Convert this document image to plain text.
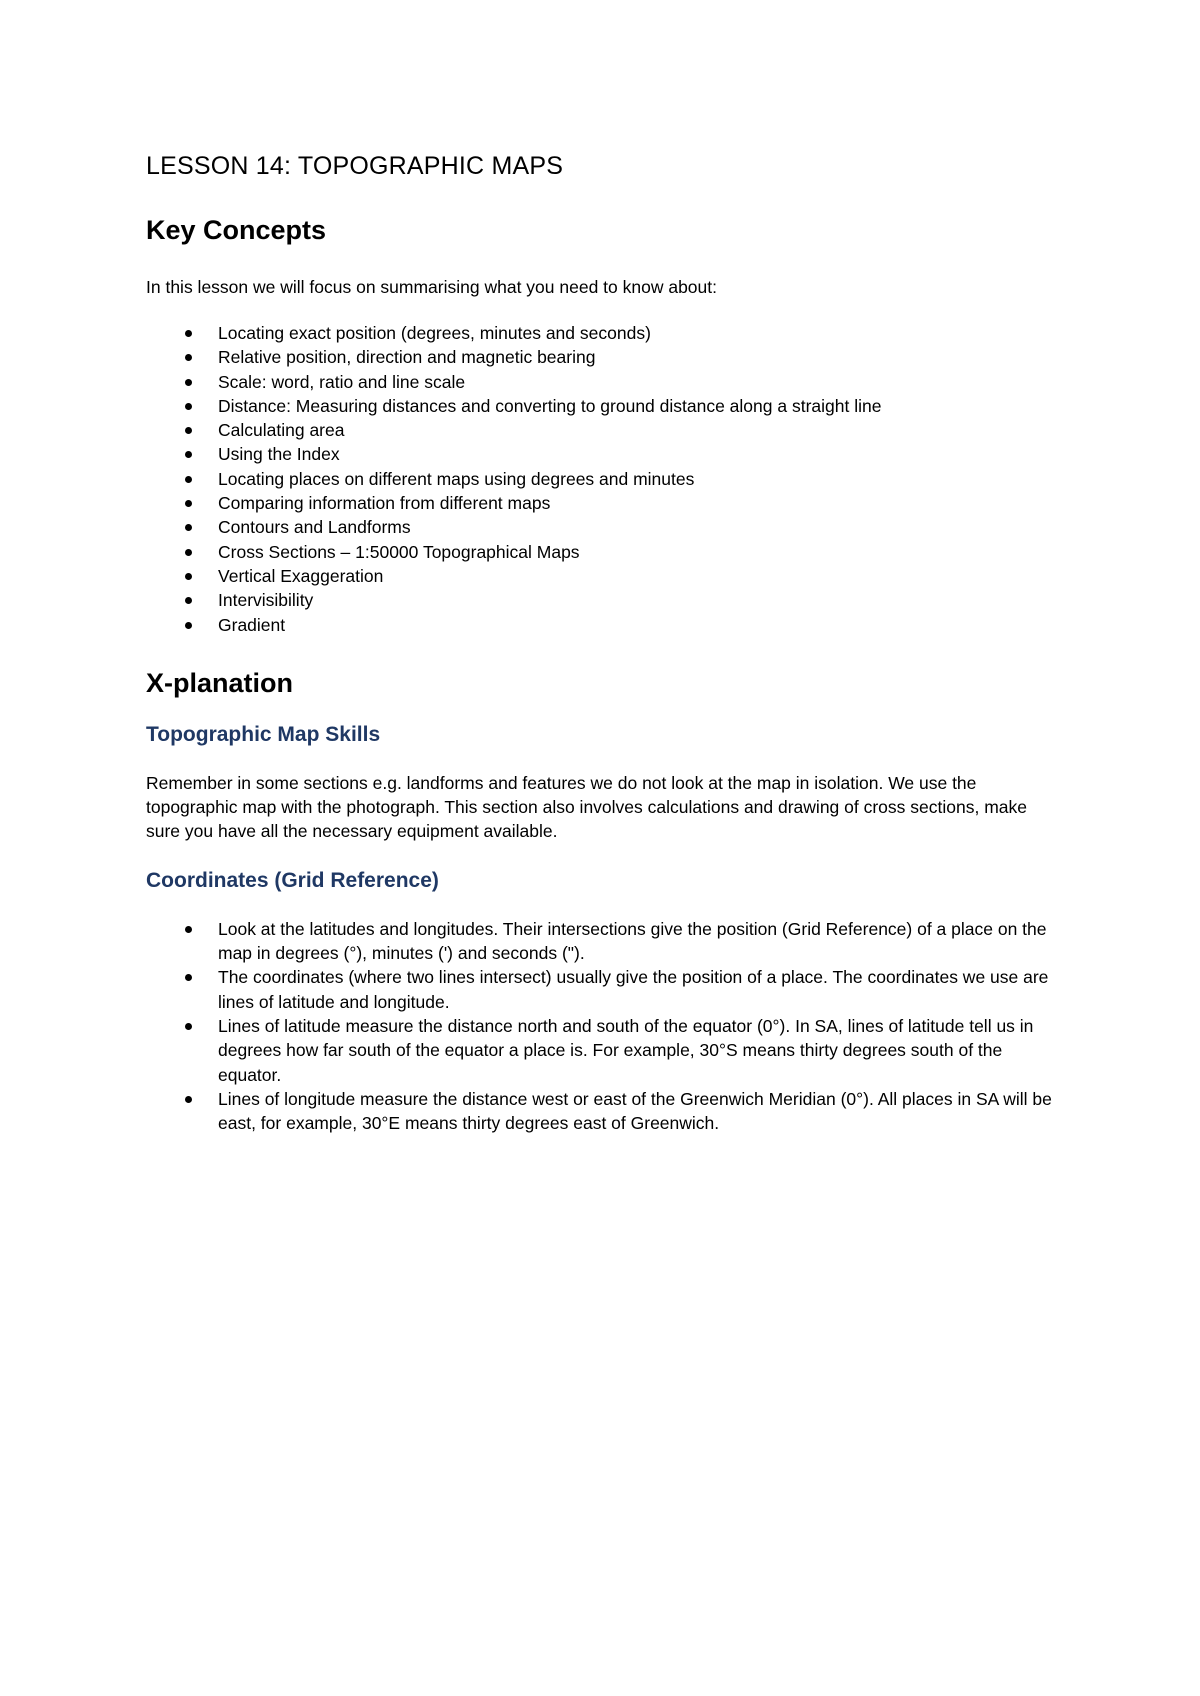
LESSON 14: TOPOGRAPHIC MAPS
Key Concepts

In this lesson we will focus on summarising what you need to know about:

Locating exact position (degrees, minutes and seconds)
Relative position, direction and magnetic bearing
Scale: word, ratio and line scale
Distance: Measuring distances and converting to ground distance along a straight line
Calculating area
Using the Index
Locating places on different maps using degrees and minutes
Comparing information from different maps
Contours and Landforms
Cross Sections – 1:50000 Topographical Maps
Vertical Exaggeration
Intervisibility
Gradient
X-planation
Topographic Map Skills

Remember in some sections e.g. landforms and features we do not look at the map in isolation. We use the topographic map with the photograph. This section also involves calculations and drawing of cross sections, make sure you have all the necessary equipment available.

Coordinates (Grid Reference)
Look at the latitudes and longitudes. Their intersections give the position (Grid Reference) of a place on the map in degrees (°), minutes (') and seconds (").
The coordinates (where two lines intersect) usually give the position of a place. The coordinates we use are lines of latitude and longitude.
Lines of latitude measure the distance north and south of the equator (0°). In SA, lines of latitude tell us in degrees how far south of the equator a place is. For example, 30°S means thirty degrees south of the equator.
Lines of longitude measure the distance west or east of the Greenwich Meridian (0°). All places in SA will be east, for example, 30°E means thirty degrees east of Greenwich.
